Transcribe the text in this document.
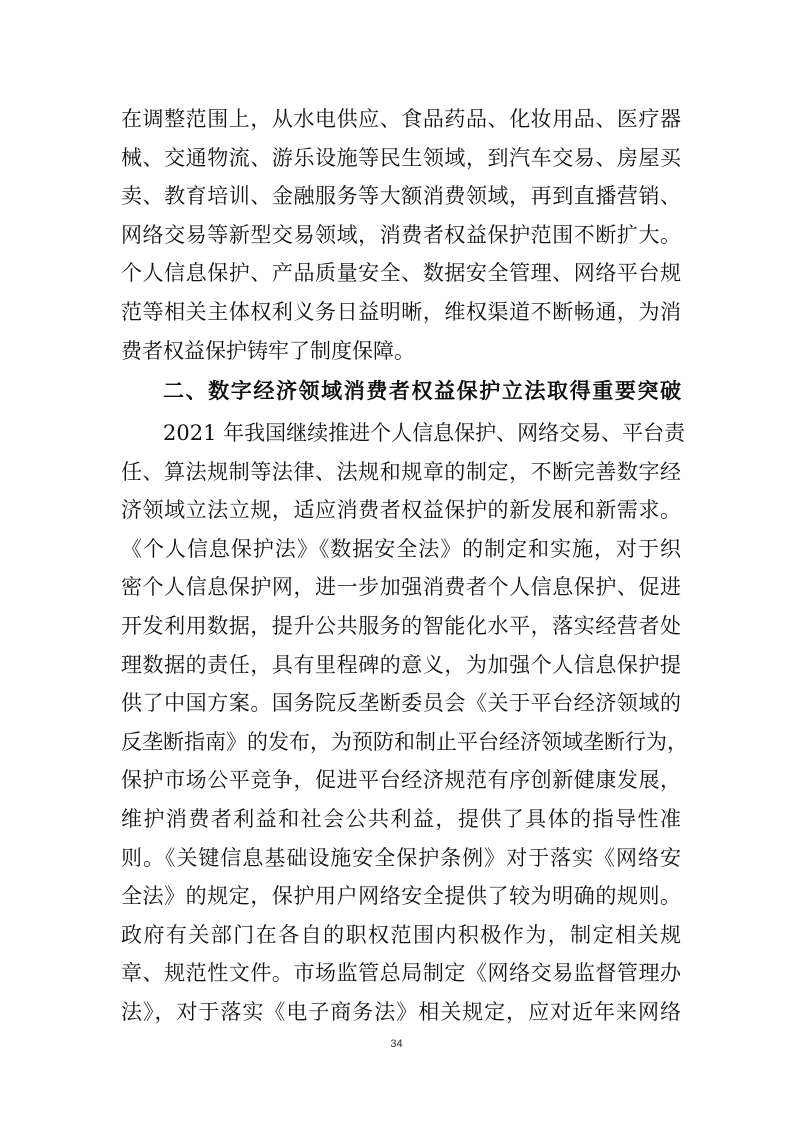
在调整范围上，从水电供应、食品药品、化妆用品、医疗器
械、交通物流、游乐设施等民生领域，到汽车交易、房屋买
卖、教育培训、金融服务等大额消费领域，再到直播营销、
网络交易等新型交易领域，消费者权益保护范围不断扩大。
个人信息保护、产品质量安全、数据安全管理、网络平台规
范等相关主体权利义务日益明晰，维权渠道不断畅通，为消
费者权益保护铸牢了制度保障。
二、数字经济领域消费者权益保护立法取得重要突破
34
2021 年我国继续推进个人信息保护、网络交易、平台责
任、算法规制等法律、法规和规章的制定，不断完善数字经
济领域立法立规，适应消费者权益保护的新发展和新需求。
《个人信息保护法》《数据安全法》的制定和实施，对于织
密个人信息保护网，进一步加强消费者个人信息保护、促进
开发利用数据，提升公共服务的智能化水平，落实经营者处
理数据的责任，具有里程碑的意义，为加强个人信息保护提
供了中国方案。国务院反垄断委员会《关于平台经济领域的
反垄断指南》的发布，为预防和制止平台经济领域垄断行为，
保护市场公平竞争，促进平台经济规范有序创新健康发展，
维护消费者利益和社会公共利益，提供了具体的指导性准
则。《关键信息基础设施安全保护条例》对于落实《网络安
全法》的规定，保护用户网络安全提供了较为明确的规则。
政府有关部门在各自的职权范围内积极作为，制定相关规
章、规范性文件。市场监管总局制定《网络交易监督管理办
法》，对于落实《电子商务法》相关规定，应对近年来网络
